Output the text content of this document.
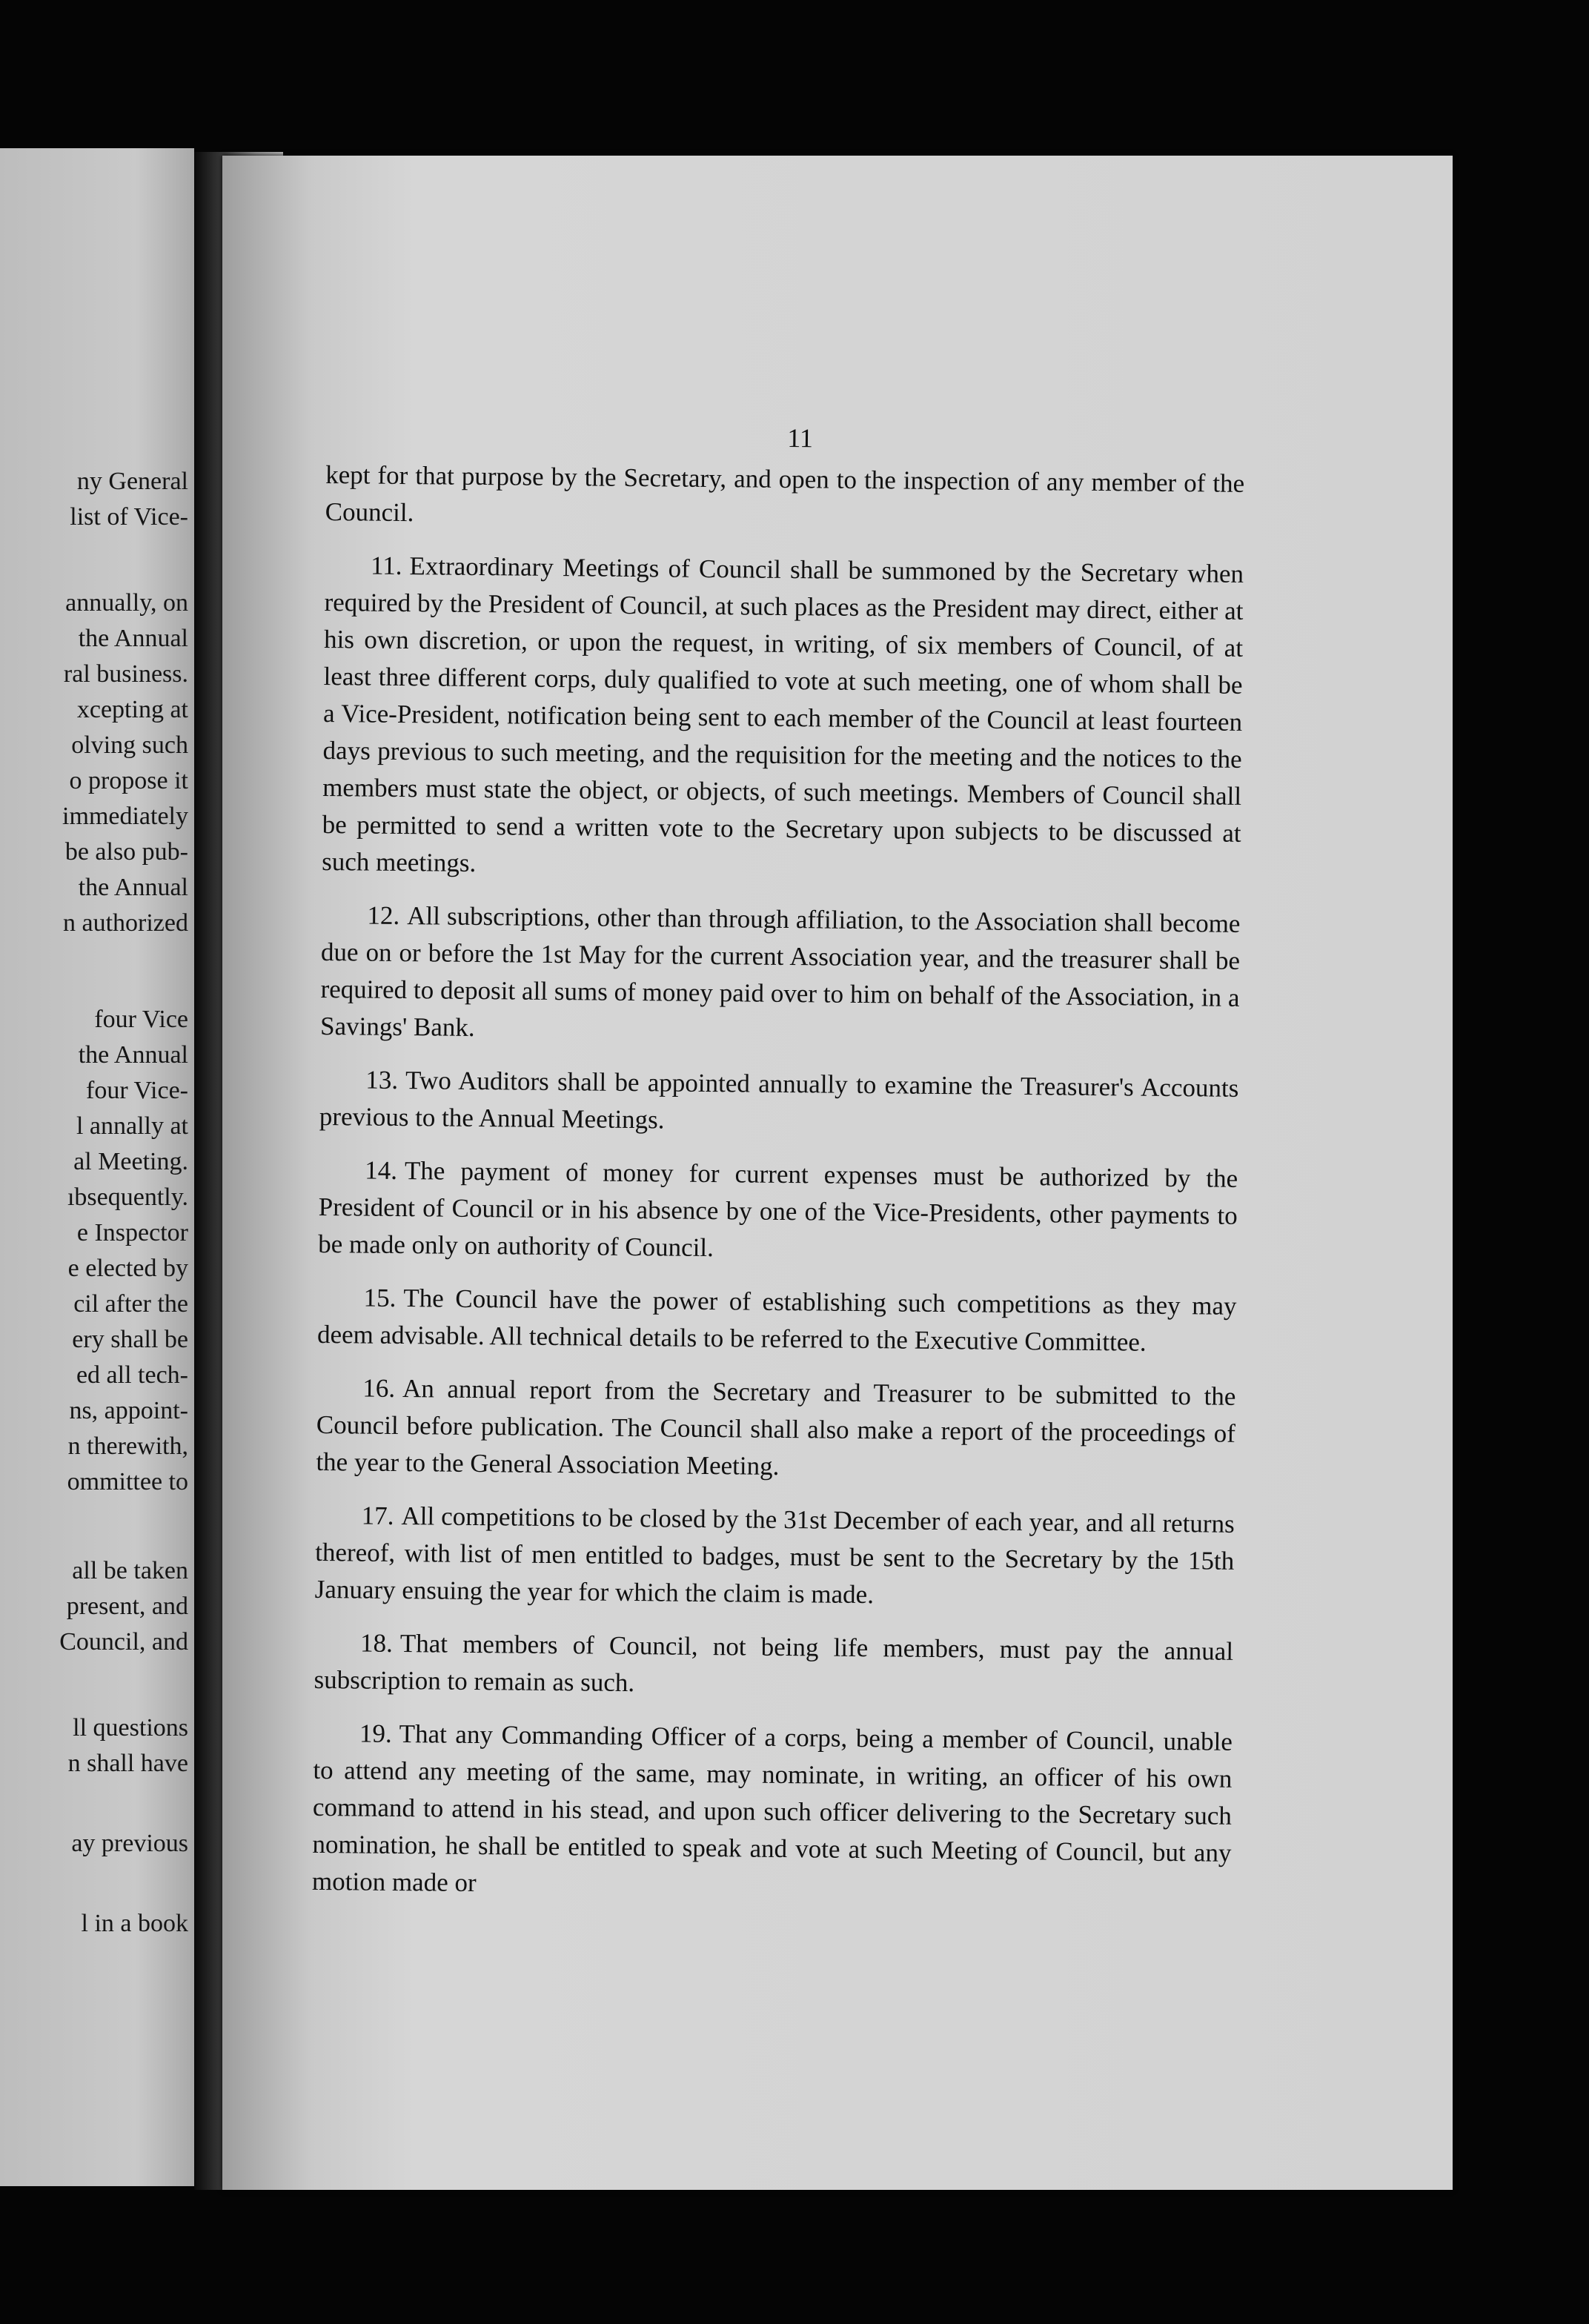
ny General
list of Vice-
annually, on
the Annual
ral business.
xcepting at
olving such
o propose it
immediately
be also pub-
the Annual
n authorized
four Vice
the Annual
four Vice-
l annally at
al Meeting.
ıbsequently.
e Inspector
e elected by
cil after the
ery shall be
ed all tech-
ns, appoint-
n therewith,
ommittee to
all be taken
present, and
Council, and
ll questions
n shall have
ay previous
l in a book
11

kept for that purpose by the Secretary, and open to the inspection of any member of the Council.

11. Extraordinary Meetings of Council shall be summoned by the Secretary when required by the President of Council, at such places as the President may direct, either at his own discretion, or upon the request, in writing, of six members of Council, of at least three different corps, duly qualified to vote at such meeting, one of whom shall be a Vice-President, notification being sent to each member of the Council at least fourteen days previous to such meeting, and the requisition for the meeting and the notices to the members must state the object, or objects, of such meetings. Members of Council shall be permitted to send a written vote to the Secretary upon subjects to be discussed at such meetings.

12. All subscriptions, other than through affiliation, to the Association shall become due on or before the 1st May for the current Association year, and the treasurer shall be required to deposit all sums of money paid over to him on behalf of the Association, in a Savings' Bank.

13. Two Auditors shall be appointed annually to examine the Treasurer's Accounts previous to the Annual Meetings.

14. The payment of money for current expenses must be authorized by the President of Council or in his absence by one of the Vice-Presidents, other payments to be made only on authority of Council.

15. The Council have the power of establishing such competitions as they may deem advisable. All technical details to be referred to the Executive Committee.

16. An annual report from the Secretary and Treasurer to be submitted to the Council before publication. The Council shall also make a report of the proceedings of the year to the General Association Meeting.

17. All competitions to be closed by the 31st December of each year, and all returns thereof, with list of men entitled to badges, must be sent to the Secretary by the 15th January ensuing the year for which the claim is made.

18. That members of Council, not being life members, must pay the annual subscription to remain as such.

19. That any Commanding Officer of a corps, being a member of Council, unable to attend any meeting of the same, may nominate, in writing, an officer of his own command to attend in his stead, and upon such officer delivering to the Secretary such nomination, he shall be entitled to speak and vote at such Meeting of Council, but any motion made or
